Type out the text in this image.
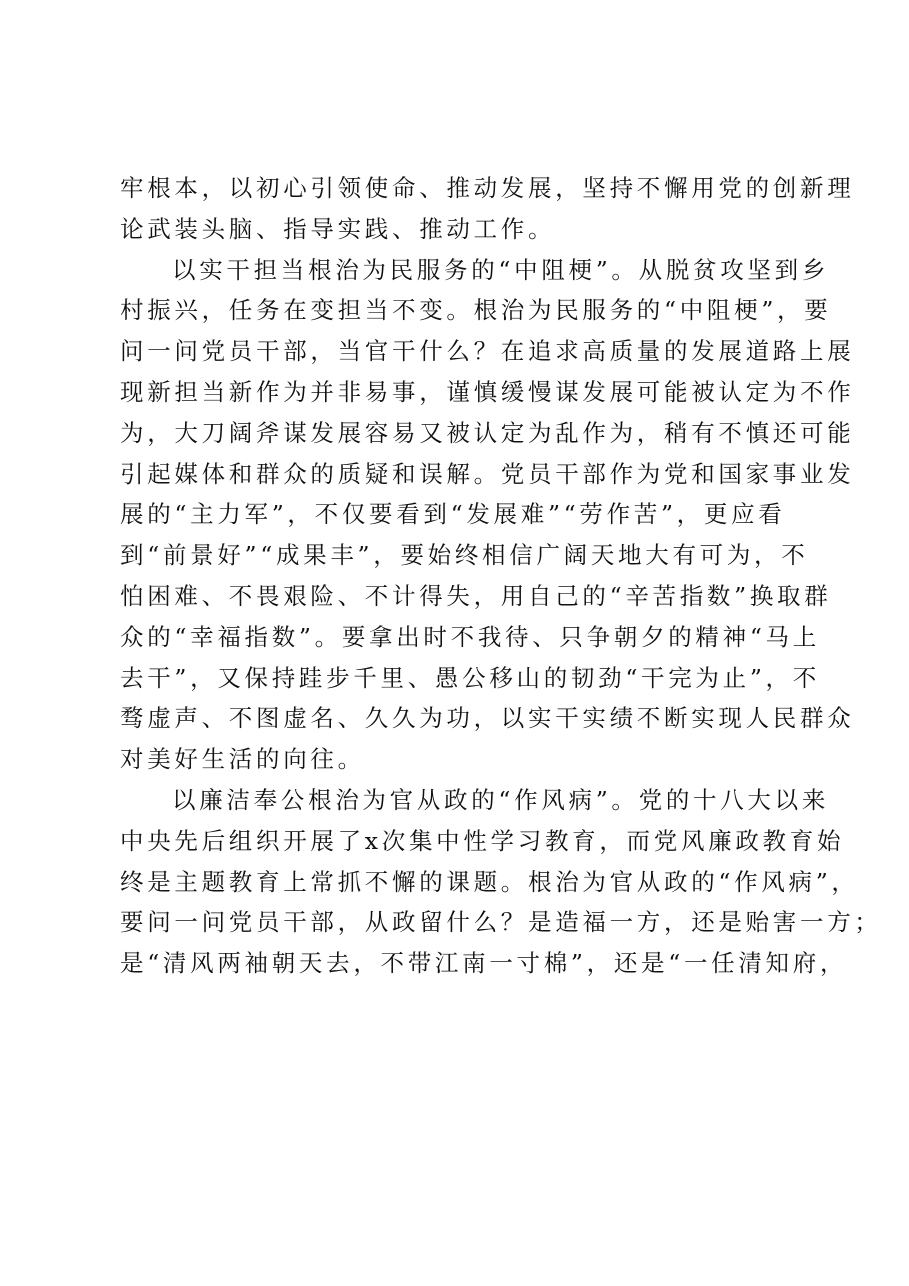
牢根本，以初心引领使命、推动发展，坚持不懈用党的创新理
论武装头脑、指导实践、推动工作。
以实干担当根治为民服务的“中阻梗”。从脱贫攻坚到乡
村振兴，任务在变担当不变。根治为民服务的“中阻梗”，要
问一问党员干部，当官干什么？在追求高质量的发展道路上展
现新担当新作为并非易事，谨慎缓慢谋发展可能被认定为不作
为，大刀阔斧谋发展容易又被认定为乱作为，稍有不慎还可能
引起媒体和群众的质疑和误解。党员干部作为党和国家事业发
展的“主力军”，不仅要看到“发展难”“劳作苦”，更应看
到“前景好”“成果丰”，要始终相信广阔天地大有可为，不
怕困难、不畏艰险、不计得失，用自己的“辛苦指数”换取群
众的“幸福指数”。要拿出时不我待、只争朝夕的精神“马上
去干”，又保持跬步千里、愚公移山的韧劲“干完为止”，不
骛虚声、不图虚名、久久为功，以实干实绩不断实现人民群众
对美好生活的向往。
以廉洁奉公根治为官从政的“作风病”。党的十八大以来
中央先后组织开展了x次集中性学习教育，而党风廉政教育始
终是主题教育上常抓不懈的课题。根治为官从政的“作风病”，
要问一问党员干部，从政留什么？是造福一方，还是贻害一方；
是“清风两袖朝天去，不带江南一寸棉”，还是“一任清知府，
